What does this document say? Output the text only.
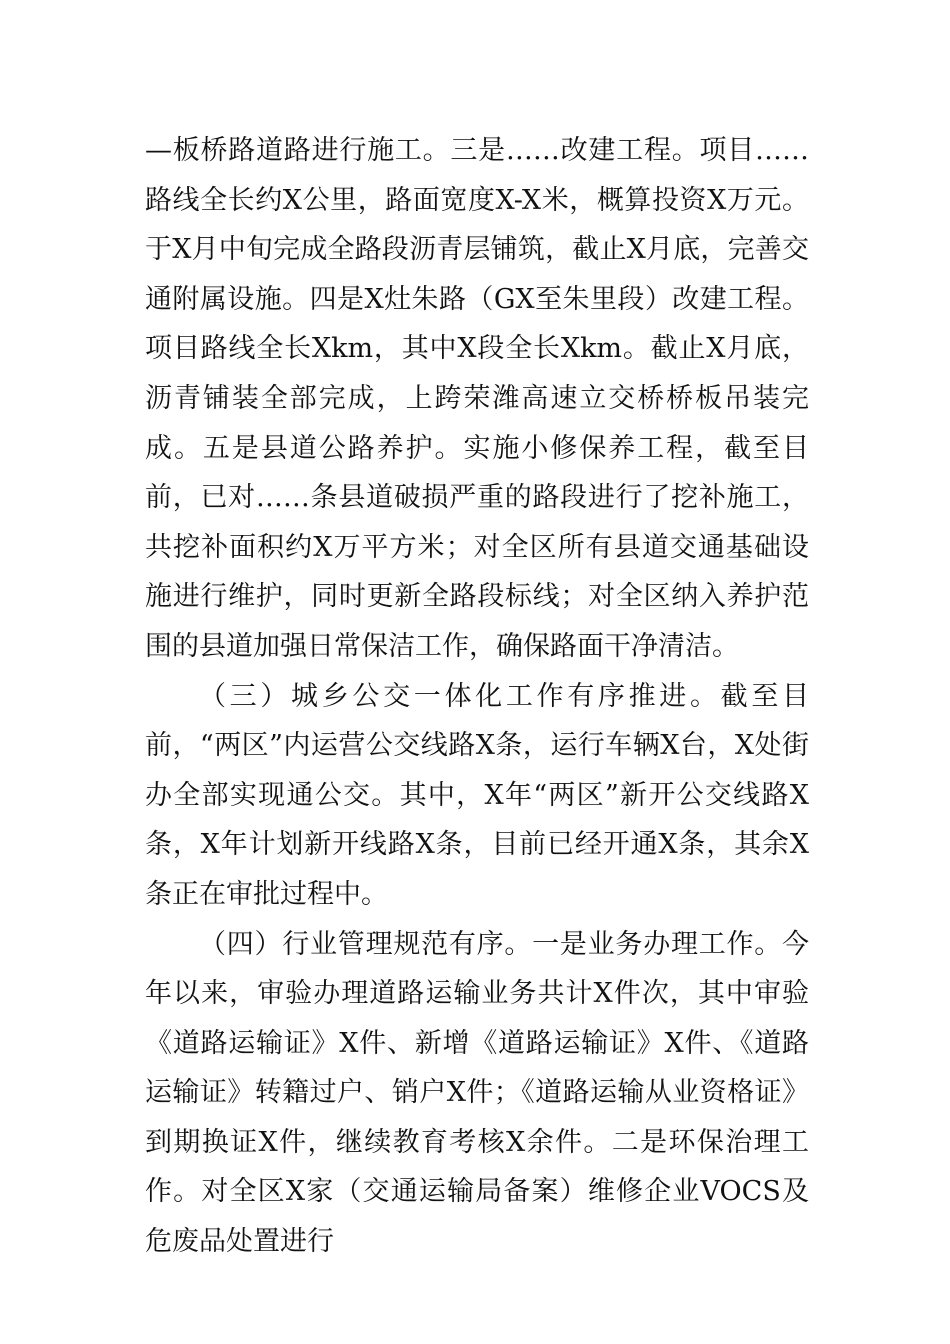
—板桥路道路进行施工。三是……改建工程。项目……路线全长约X公里，路面宽度X-X米，概算投资X万元。于X月中旬完成全路段沥青层铺筑，截止X月底，完善交通附属设施。四是X灶朱路（GX至朱里段）改建工程。项目路线全长Xkm，其中X段全长Xkm。截止X月底，沥青铺装全部完成，上跨荣潍高速立交桥桥板吊装完成。五是县道公路养护。实施小修保养工程，截至目前，已对……条县道破损严重的路段进行了挖补施工，共挖补面积约X万平方米；对全区所有县道交通基础设施进行维护，同时更新全路段标线；对全区纳入养护范围的县道加强日常保洁工作，确保路面干净清洁。

（三）城乡公交一体化工作有序推进。截至目前，“两区”内运营公交线路X条，运行车辆X台，X处街办全部实现通公交。其中，X年“两区”新开公交线路X条，X年计划新开线路X条，目前已经开通X条，其余X条正在审批过程中。

（四）行业管理规范有序。一是业务办理工作。今年以来，审验办理道路运输业务共计X件次，其中审验《道路运输证》X件、新增《道路运输证》X件、《道路运输证》转籍过户、销户X件；《道路运输从业资格证》到期换证X件，继续教育考核X余件。二是环保治理工作。对全区X家（交通运输局备案）维修企业VOCS及危废品处置进行
